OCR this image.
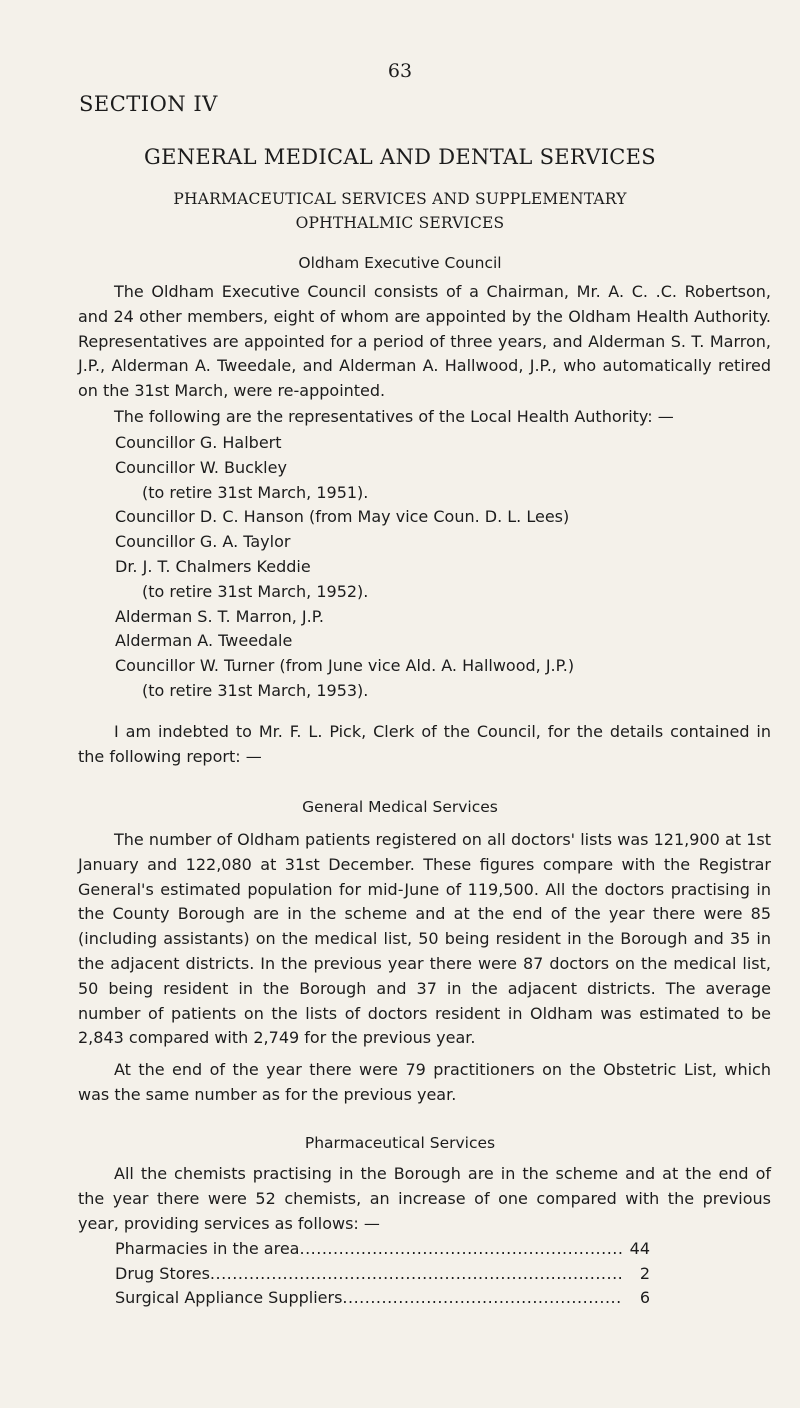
63
SECTION IV
GENERAL MEDICAL AND DENTAL SERVICES
PHARMACEUTICAL SERVICES AND SUPPLEMENTARY
OPHTHALMIC SERVICES
Oldham Executive Council
The Oldham Executive Council consists of a Chairman, Mr. A. C. .C. Robertson, and 24 other members, eight of whom are appointed by the Oldham Health Authority. Representatives are appointed for a period of three years, and Alderman S. T. Marron, J.P., Alderman A. Tweedale, and Alderman A. Hallwood, J.P., who automatically retired on the 31st March, were re-appointed.
The following are the representatives of the Local Health Authority: —
Councillor G. Halbert
Councillor W. Buckley
(to retire 31st March, 1951).
Councillor D. C. Hanson (from May vice Coun. D. L. Lees)
Councillor G. A. Taylor
Dr. J. T. Chalmers Keddie
(to retire 31st March, 1952).
Alderman S. T. Marron, J.P.
Alderman A. Tweedale
Councillor W. Turner (from June vice Ald. A. Hallwood, J.P.)
(to retire 31st March, 1953).
I am indebted to Mr. F. L. Pick, Clerk of the Council, for the details contained in the following report: —
General Medical Services
The number of Oldham patients registered on all doctors' lists was 121,900 at 1st January and 122,080 at 31st December. These figures compare with the Registrar General's estimated population for mid-June of 119,500. All the doctors practising in the County Borough are in the scheme and at the end of the year there were 85 (including assistants) on the medical list, 50 being resident in the Borough and 35 in the adjacent districts. In the previous year there were 87 doctors on the medical list, 50 being resident in the Borough and 37 in the adjacent districts. The average number of patients on the lists of doctors resident in Oldham was estimated to be 2,843 compared with 2,749 for the previous year.
At the end of the year there were 79 practitioners on the Obstetric List, which was the same number as for the previous year.
Pharmaceutical Services
All the chemists practising in the Borough are in the scheme and at the end of the year there were 52 chemists, an increase of one compared with the previous year, providing services as follows: —
Pharmacies in the area .....	44
Drug Stores .....	2
Surgical Appliance Suppliers .....	6
